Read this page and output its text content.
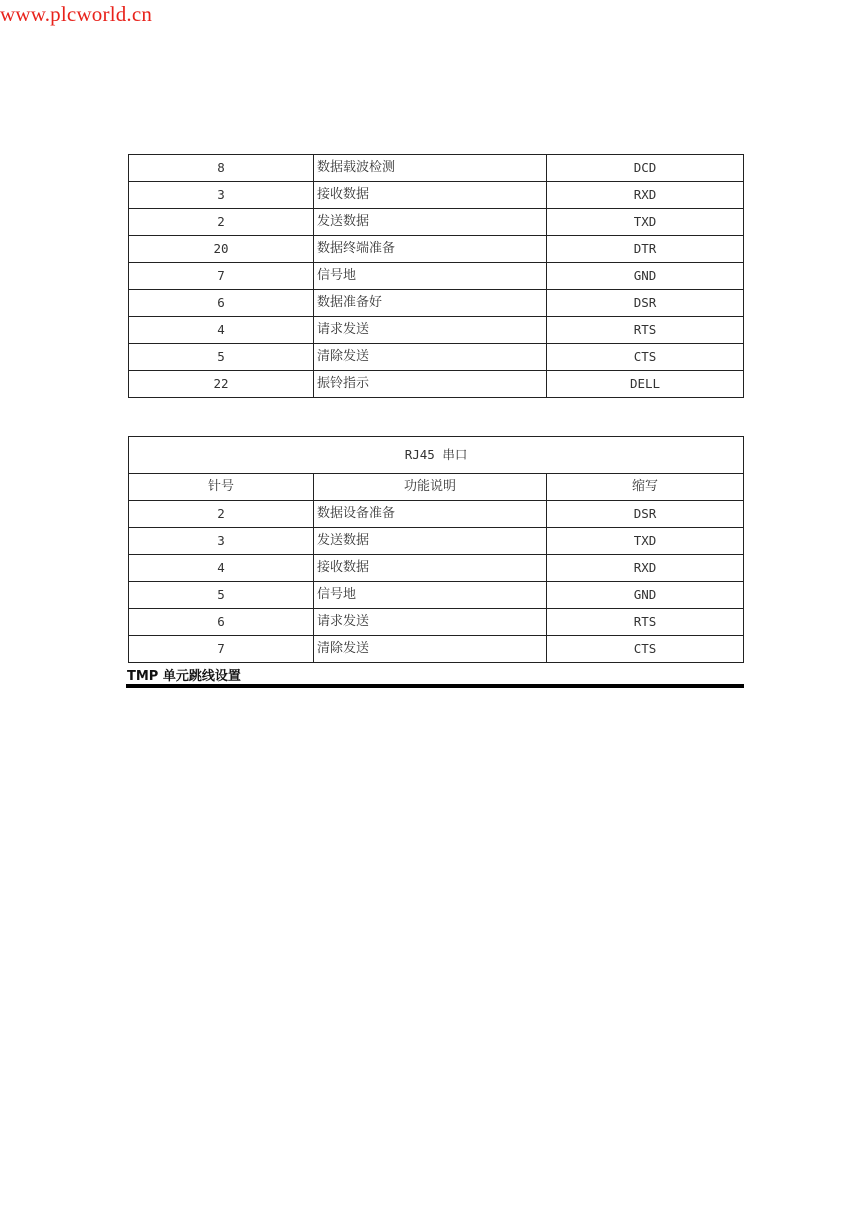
www.plcworld.cn
8	数据载波检测	DCD
3	接收数据	RXD
2	发送数据	TXD
20	数据终端准备	DTR
7	信号地	GND
6	数据准备好	DSR
4	请求发送	RTS
5	清除发送	CTS
22	振铃指示	DELL
RJ45 串口		
针号	功能说明	缩写
2	数据设备准备	DSR
3	发送数据	TXD
4	接收数据	RXD
5	信号地	GND
6	请求发送	RTS
7	清除发送	CTS
TMP 单元跳线设置
